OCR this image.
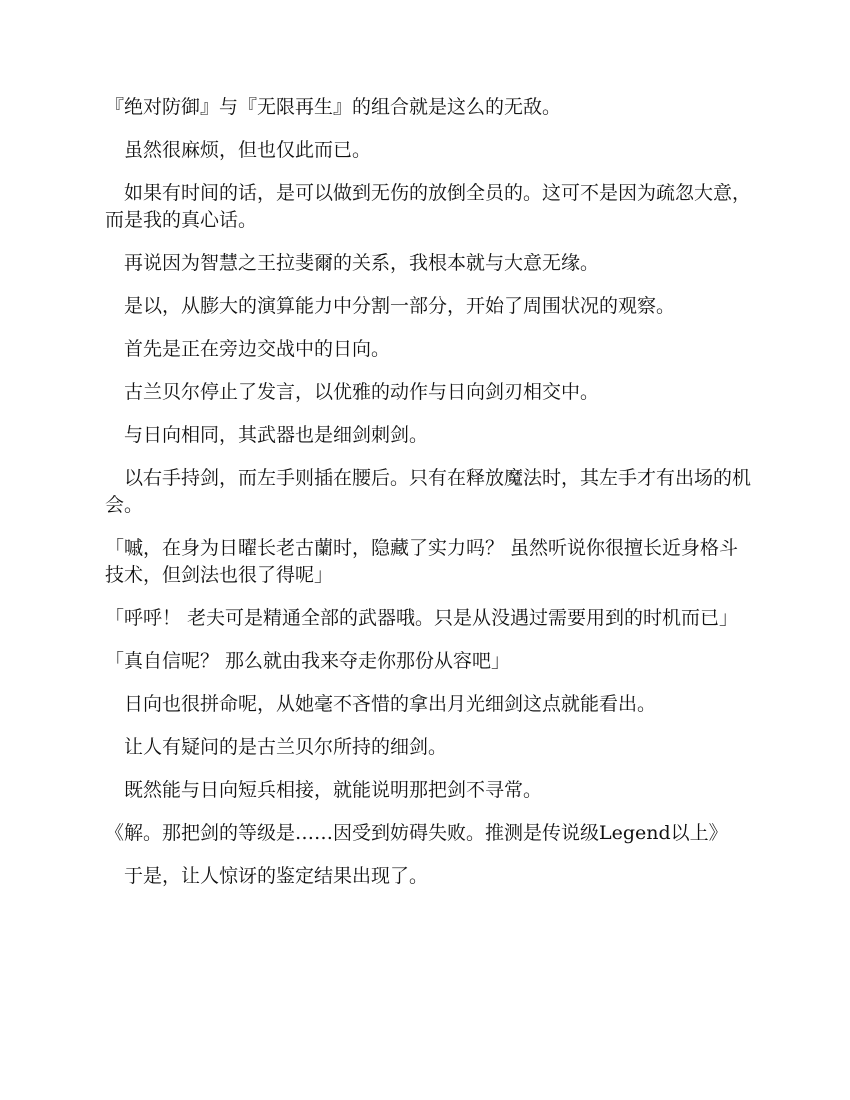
『绝对防御』与『无限再生』的组合就是这么的无敌。

　虽然很麻烦，但也仅此而已。

　如果有时间的话，是可以做到无伤的放倒全员的。这可不是因为疏忽大意，而是我的真心话。

　再说因为智慧之王拉斐爾的关系，我根本就与大意无缘。

　是以，从膨大的演算能力中分割一部分，开始了周围状况的观察。

　首先是正在旁边交战中的日向。

　古兰贝尔停止了发言，以优雅的动作与日向剑刃相交中。

　与日向相同，其武器也是细剑刺剑。

　以右手持剑，而左手则插在腰后。只有在释放魔法时，其左手才有出场的机会。

「嘁，在身为日曜长老古蘭时，隐藏了实力吗？ 虽然听说你很擅长近身格斗技术，但剑法也很了得呢」

「呼呼！ 老夫可是精通全部的武器哦。只是从没遇过需要用到的时机而已」

「真自信呢？ 那么就由我来夺走你那份从容吧」

　日向也很拼命呢，从她毫不吝惜的拿出月光细剑这点就能看出。

　让人有疑问的是古兰贝尔所持的细剑。

　既然能与日向短兵相接，就能说明那把剑不寻常。

《解。那把剑的等级是……因受到妨碍失败。推测是传说级Legend以上》

　于是，让人惊讶的鉴定结果出现了。
